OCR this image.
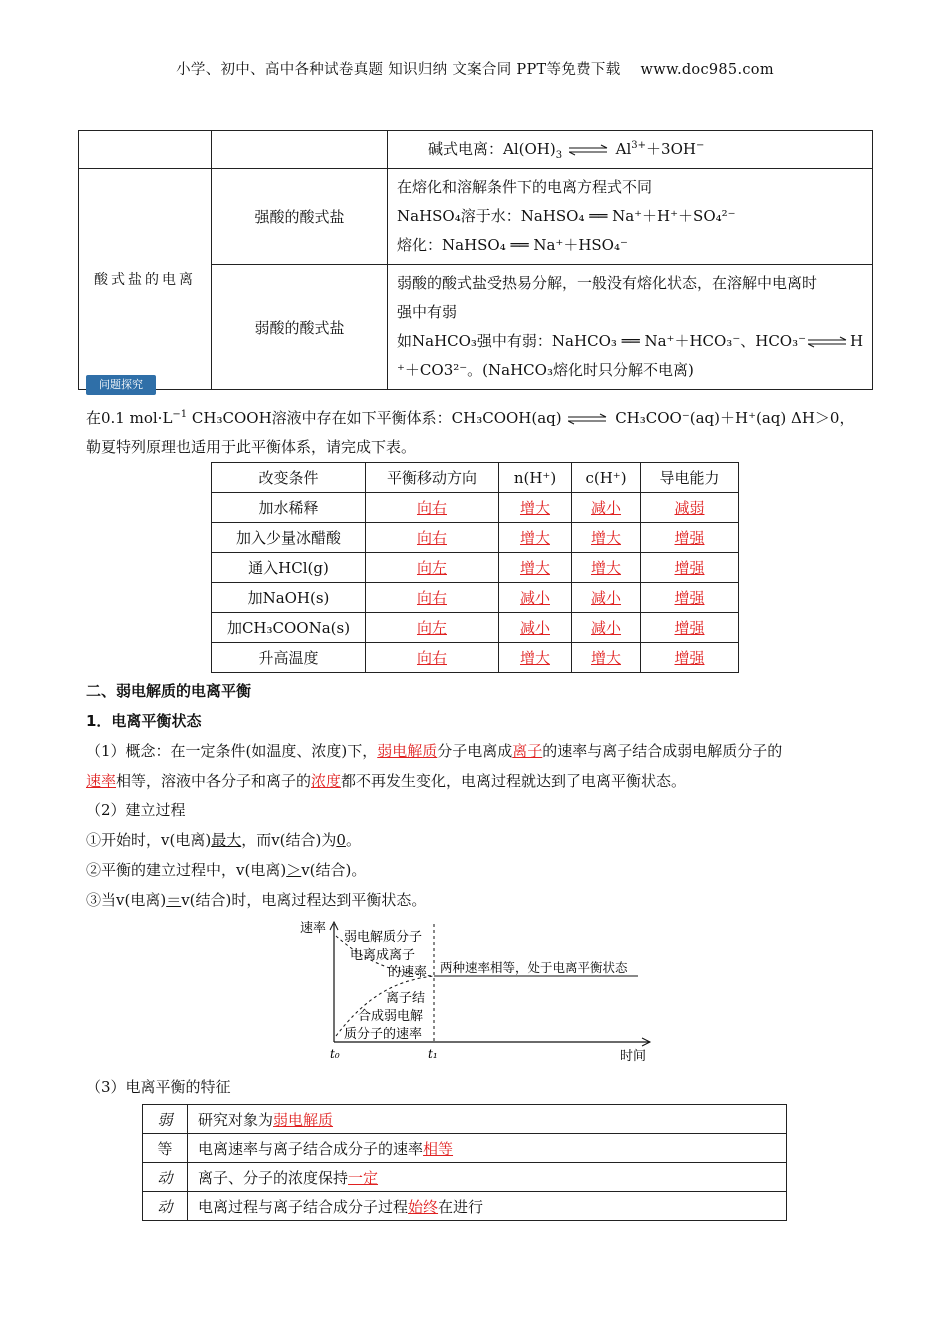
小学、初中、高中各种试卷真题 知识归纳 文案合同 PPT等免费下载 www.doc985.com
		碱式电离：$Al(OH)_3$ ⇌ $Al^{3+}+3OH^-$
酸式盐的电离	强酸的酸式盐	在熔化和溶解条件下的电离方程式不同
NaHSO₄溶于水：NaHSO₄ ══ Na⁺＋H⁺＋SO₄²⁻
熔化：NaHSO₄ ══ Na⁺＋HSO₄⁻

	弱酸的酸式盐	弱酸的酸式盐受热易分解，一般没有熔化状态，在溶解中电离时
强中有弱
如NaHCO₃强中有弱：NaHCO₃ ══ Na⁺＋HCO₃⁻、HCO₃⁻⇌H
⁺＋CO3²⁻。(NaHCO₃熔化时只分解不电离)
问题探究
在0.1 $mol\cdot L^{-1}$ CH₃COOH溶液中存在如下平衡体系：CH₃COOH(aq) ⇌ CH₃COO⁻(aq)＋H⁺(aq) ΔH＞0，
勒夏特列原理也适用于此平衡体系，请完成下表。
改变条件	平衡移动方向	n(H⁺)	c(H⁺)	导电能力
加水稀释	向右	增大	减小	减弱
加入少量冰醋酸	向右	增大	增大	增强
通入HCl(g)	向左	增大	增大	增强
加NaOH(s)	向右	减小	减小	增强
加CH₃COONa(s)	向左	减小	减小	增强
升高温度	向右	增大	增大	增强
二、弱电解质的电离平衡
1．电离平衡状态
（1）概念：在一定条件(如温度、浓度)下，弱电解质分子电离成离子的速率与离子结合成弱电解质分子的
速率相等，溶液中各分子和离子的浓度都不再发生变化，电离过程就达到了电离平衡状态。
（2）建立过程
①开始时，v(电离)最大，而v(结合)为0。
②平衡的建立过程中，v(电离)＞v(结合)。
③当v(电离)＝v(结合)时，电离过程达到平衡状态。
速率
时间
t₀	t₁
弱电解质分子
电离成离子
的速率
离子结
合成弱电解
质分子的速率
两种速率相等，处于电离平衡状态
（3）电离平衡的特征
弱	研究对象为弱电解质
等	电离速率与离子结合成分子的速率相等
动	离子、分子的浓度保持一定
动	电离过程与离子结合成分子过程始终在进行
